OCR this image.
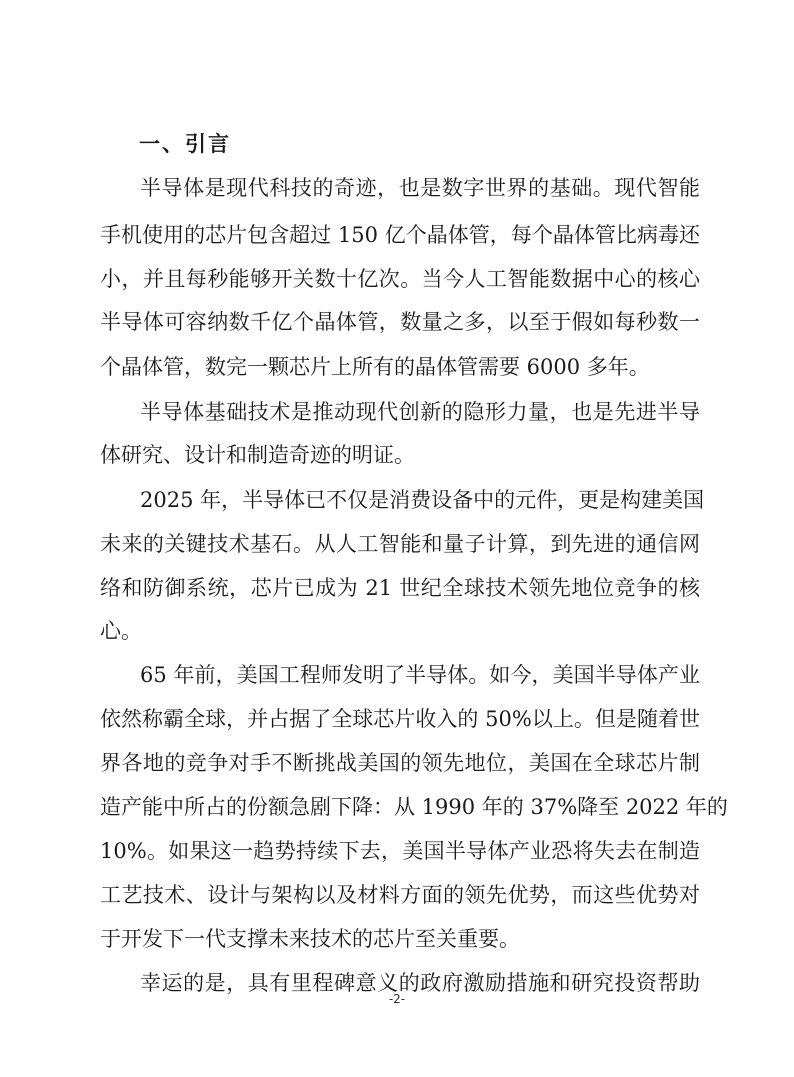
一、引言

半导体是现代科技的奇迹，也是数字世界的基础。现代智能

手机使用的芯片包含超过 150 亿个晶体管，每个晶体管比病毒还

小，并且每秒能够开关数十亿次。当今人工智能数据中心的核心

半导体可容纳数千亿个晶体管，数量之多，以至于假如每秒数一

个晶体管，数完一颗芯片上所有的晶体管需要 6000 多年。

半导体基础技术是推动现代创新的隐形力量，也是先进半导

体研究、设计和制造奇迹的明证。

2025 年，半导体已不仅是消费设备中的元件，更是构建美国

未来的关键技术基石。从人工智能和量子计算，到先进的通信网

络和防御系统，芯片已成为 21 世纪全球技术领先地位竞争的核

心。

65 年前，美国工程师发明了半导体。如今，美国半导体产业

依然称霸全球，并占据了全球芯片收入的 50%以上。但是随着世

界各地的竞争对手不断挑战美国的领先地位，美国在全球芯片制

造产能中所占的份额急剧下降：从 1990 年的 37%降至 2022 年的

10%。如果这一趋势持续下去，美国半导体产业恐将失去在制造

工艺技术、设计与架构以及材料方面的领先优势，而这些优势对

于开发下一代支撑未来技术的芯片至关重要。

幸运的是，具有里程碑意义的政府激励措施和研究投资帮助

-2-
